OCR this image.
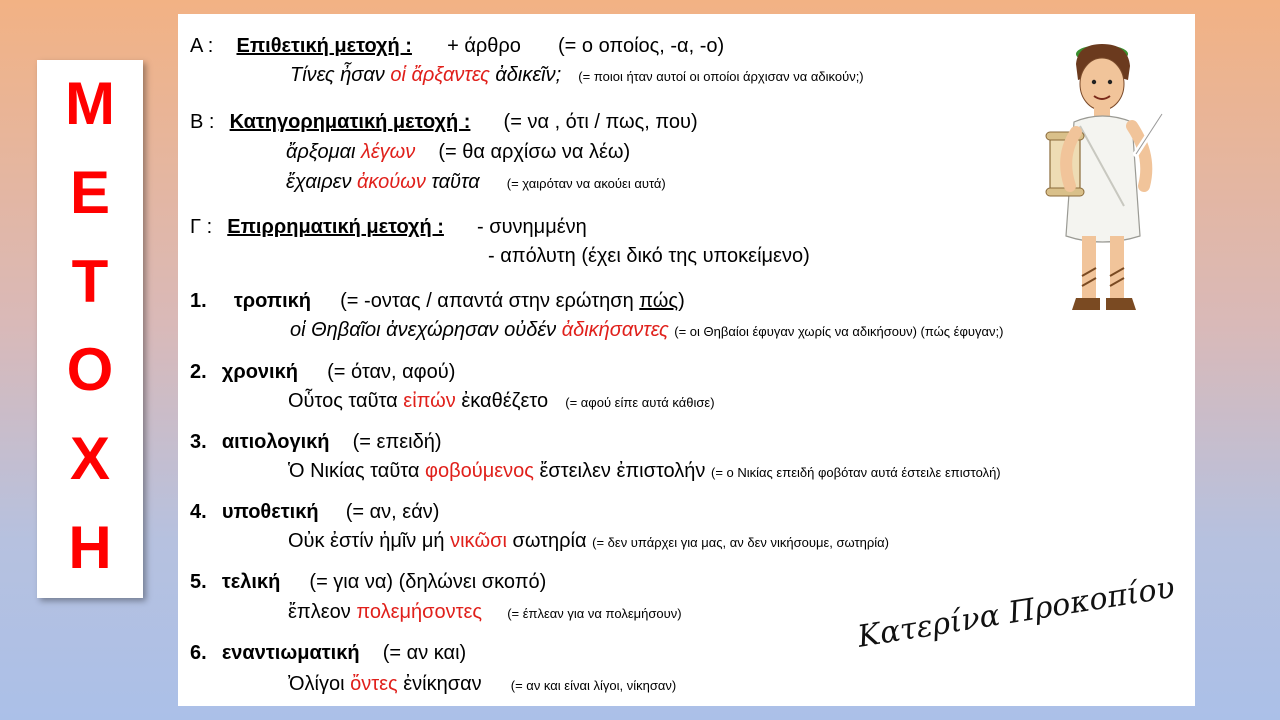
Μ
Ε
Τ
Ο
Χ
Η
Α : Επιθετική μετοχή : + άρθρο (= ο οποίος, -α, -ο)
Τίνες ἦσαν οἱ ἄρξαντες ἀδικεῖν; (= ποιοι ήταν αυτοί οι οποίοι άρχισαν να αδικούν;)
Β : Κατηγορηματική μετοχή : (= να , ότι / πως, που)
ἄρξομαι λέγων (= θα αρχίσω να λέω)
ἔχαιρεν ἀκούων ταῦτα (= χαιρόταν να ακούει αυτά)
Γ : Επιρρηματική μετοχή : - συνημμένη
- απόλυτη (έχει δικό της υποκείμενο)
1. τροπική (= -οντας / απαντά στην ερώτηση πώς)
οἱ Θηβαῖοι ἀνεχώρησαν οὐδέν ἀδικήσαντες (= οι Θηβαίοι έφυγαν χωρίς να αδικήσουν) (πώς έφυγαν;)
2. χρονική (= όταν, αφού)
Οὗτος ταῦτα εἰπών ἐκαθέζετο (= αφού είπε αυτά κάθισε)
3. αιτιολογική (= επειδή)
Ὁ Νικίας ταῦτα φοβούμενος ἔστειλεν ἐπιστολήν (= ο Νικίας επειδή φοβόταν αυτά έστειλε επιστολή)
4. υποθετική (= αν, εάν)
Οὐκ ἐστίν ἡμῖν μή νικῶσι σωτηρία (= δεν υπάρχει για μας, αν δεν νικήσουμε, σωτηρία)
5. τελική (= για να) (δηλώνει σκοπό)
ἔπλεον πολεμήσοντες (= έπλεαν για να πολεμήσουν)
6. εναντιωματική (= αν και)
Ὀλίγοι ὄντες ἐνίκησαν (= αν και είναι λίγοι, νίκησαν)
Κατερίνα Προκοπίου
